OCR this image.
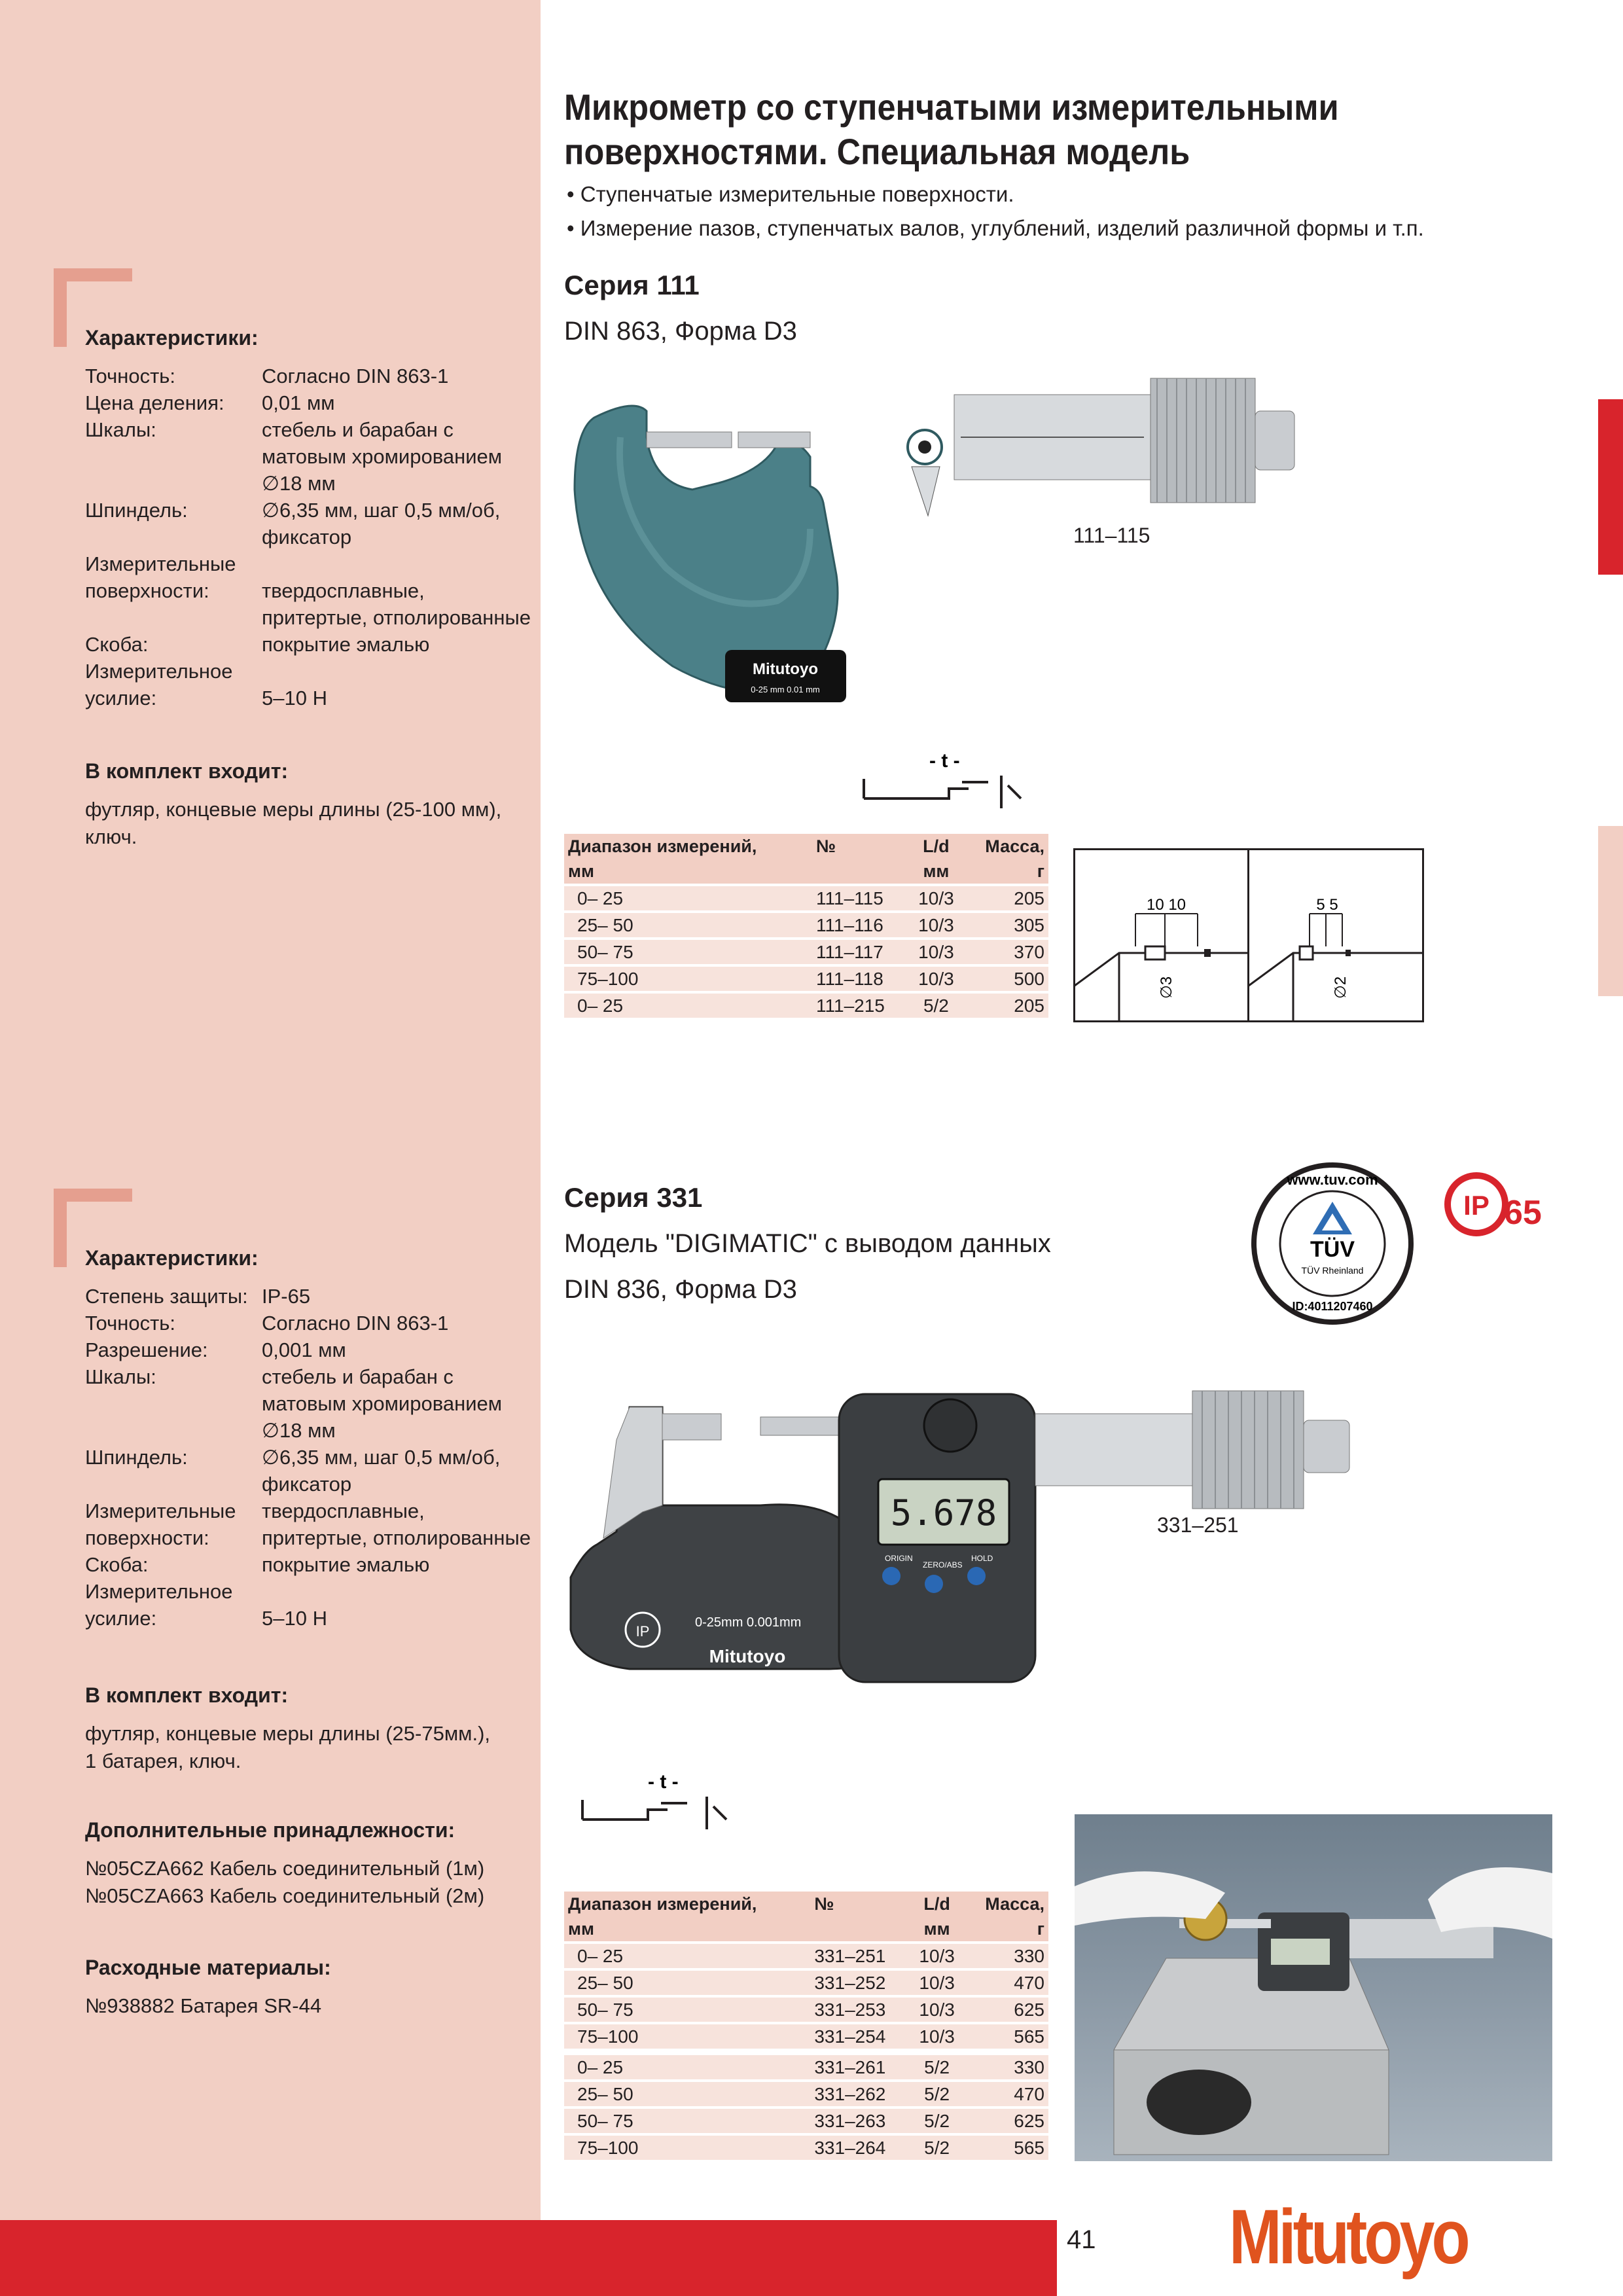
Микрометр со ступенчатыми измерительными
поверхностями. Специальная модель
• Ступенчатые измерительные поверхности.
• Измерение пазов, ступенчатых валов, углублений, изделий различной формы и т.п.
Характеристики:
Точность:	Согласно DIN 863-1
Цена деления:	0,01 мм
Шкалы:	стебель и барабан с
матовым хромированием
∅18 мм
Шпиндель:	∅6,35 мм, шаг 0,5 мм/об,
фиксатор
Измерительные
поверхности:	твердосплавные,
притертые, отполированные
Скоба:	покрытие эмалью
Измерительное
усилие:	5–10 Н
В комплект входит:
футляр, концевые меры длины (25-100 мм),
ключ.
Серия 111
DIN 863, Форма D3
Mitutoyo
0-25 mm 0.01 mm
111–115
- t -
Диапазон измерений,	№	L/d	Масса,
мм		мм	г
0– 25	111–115	10/3	205
25– 50	111–116	10/3	305
50– 75	111–117	10/3	370
75–100	111–118	10/3	500
0– 25	111–215	5/2	205
10 10
∅3
5 5
∅2
Характеристики:
Степень защиты: IP-65
Точность:	Согласно DIN 863-1
Разрешение:	0,001 мм
Шкалы:	стебель и барабан с
матовым хромированием
∅18 мм
Шпиндель:	∅6,35 мм, шаг 0,5 мм/об,
фиксатор
Измерительные	твердосплавные,
поверхности:	притертые, отполированные
Скоба:	покрытие эмалью
Измерительное
усилие:	5–10 Н
В комплект входит:
футляр, концевые меры длины (25-75мм.),
1 батарея, ключ.
Дополнительные принадлежности:
№05CZA662 Кабель соединительный (1м)
№05CZA663 Кабель соединительный (2м)
Расходные материалы:
№938882 Батарея SR-44
Серия 331
Модель "DIGIMATIC" с выводом данных
DIN 836, Форма D3
TÜV
TÜV Rheinland
www.tuv.com
ID:4011207460
IP 65
5.678
ORIGIN
ZERO/ABS
HOLD
0-25mm 0.001mm
Mitutoyo
IP
331–251
- t -
Диапазон измерений,	№	L/d	Масса,
мм		мм	г
0– 25	331–251	10/3	330
25– 50	331–252	10/3	470
50– 75	331–253	10/3	625
75–100	331–254	10/3	565
0– 25	331–261	5/2	330
25– 50	331–262	5/2	470
50– 75	331–263	5/2	625
75–100	331–264	5/2	565
41 Mitutoyo
